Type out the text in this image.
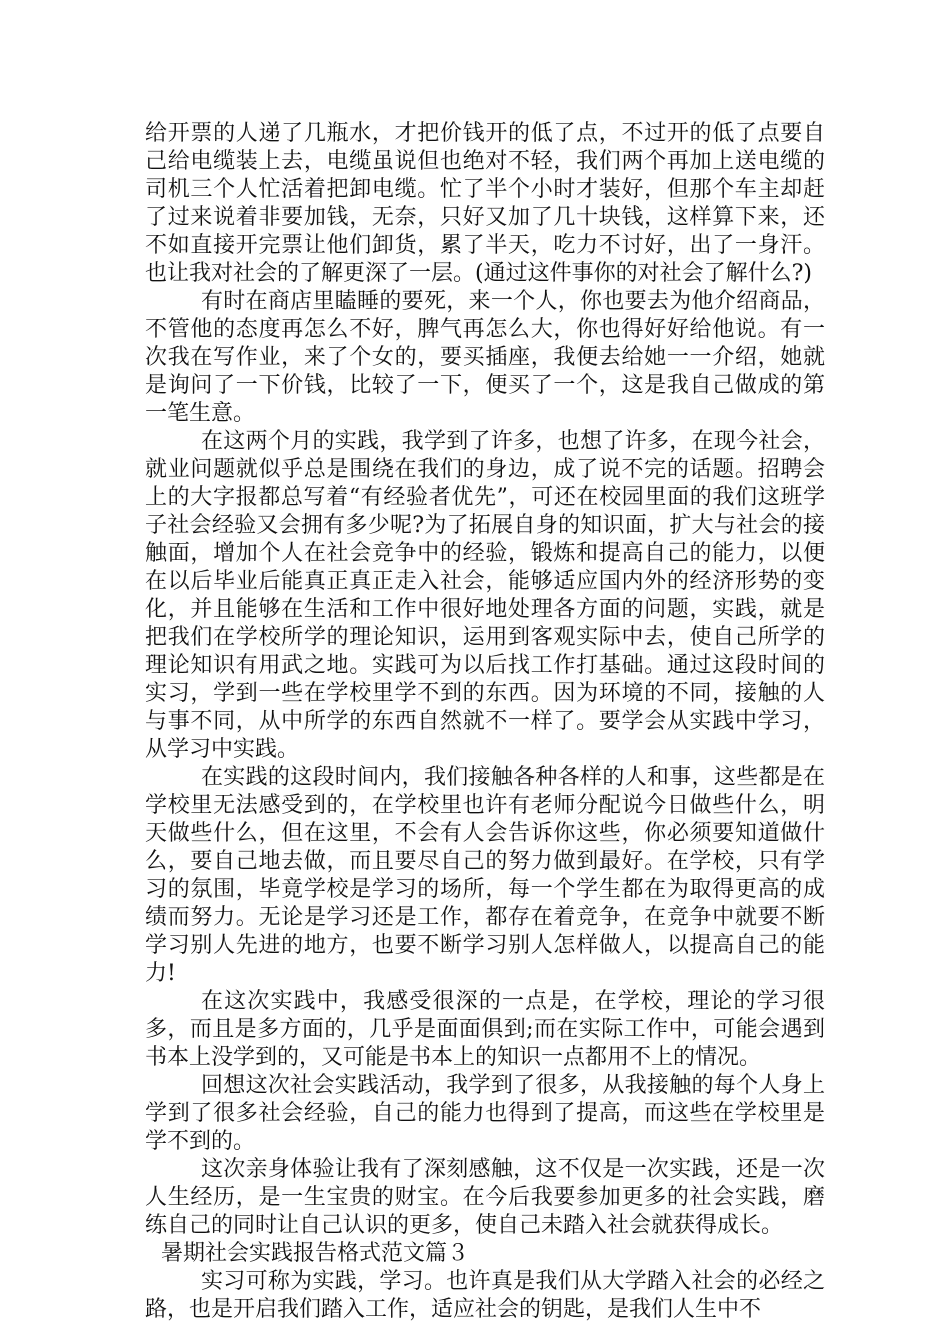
给开票的人递了几瓶水，才把价钱开的低了点，不过开的低了点要自己给电缆装上去，电缆虽说但也绝对不轻，我们两个再加上送电缆的司机三个人忙活着把卸电缆。忙了半个小时才装好，但那个车主却赶了过来说着非要加钱，无奈，只好又加了几十块钱，这样算下来，还不如直接开完票让他们卸货，累了半天，吃力不讨好，出了一身汗。也让我对社会的了解更深了一层。(通过这件事你的对社会了解什么?)

有时在商店里瞌睡的要死，来一个人，你也要去为他介绍商品，不管他的态度再怎么不好，脾气再怎么大，你也得好好给他说。有一次我在写作业，来了个女的，要买插座，我便去给她一一介绍，她就是询问了一下价钱，比较了一下，便买了一个，这是我自己做成的第一笔生意。

在这两个月的实践，我学到了许多，也想了许多，在现今社会，就业问题就似乎总是围绕在我们的身边，成了说不完的话题。招聘会上的大字报都总写着“有经验者优先”，可还在校园里面的我们这班学子社会经验又会拥有多少呢?为了拓展自身的知识面，扩大与社会的接触面，增加个人在社会竞争中的经验，锻炼和提高自己的能力，以便在以后毕业后能真正真正走入社会，能够适应国内外的经济形势的变化，并且能够在生活和工作中很好地处理各方面的问题，实践，就是把我们在学校所学的理论知识，运用到客观实际中去，使自己所学的理论知识有用武之地。实践可为以后找工作打基础。通过这段时间的实习，学到一些在学校里学不到的东西。因为环境的不同，接触的人与事不同，从中所学的东西自然就不一样了。要学会从实践中学习，从学习中实践。

在实践的这段时间内，我们接触各种各样的人和事，这些都是在学校里无法感受到的，在学校里也许有老师分配说今日做些什么，明天做些什么，但在这里，不会有人会告诉你这些，你必须要知道做什么，要自己地去做，而且要尽自己的努力做到最好。在学校，只有学习的氛围，毕竟学校是学习的场所，每一个学生都在为取得更高的成绩而努力。无论是学习还是工作，都存在着竞争，在竞争中就要不断学习别人先进的地方，也要不断学习别人怎样做人，以提高自己的能力!

在这次实践中，我感受很深的一点是，在学校，理论的学习很多，而且是多方面的，几乎是面面俱到;而在实际工作中，可能会遇到书本上没学到的，又可能是书本上的知识一点都用不上的情况。

回想这次社会实践活动，我学到了很多，从我接触的每个人身上学到了很多社会经验，自己的能力也得到了提高，而这些在学校里是学不到的。

这次亲身体验让我有了深刻感触，这不仅是一次实践，还是一次人生经历，是一生宝贵的财宝。在今后我要参加更多的社会实践，磨练自己的同时让自己认识的更多，使自己未踏入社会就获得成长。

暑期社会实践报告格式范文篇３

实习可称为实践，学习。也许真是我们从大学踏入社会的必经之路，也是开启我们踏入工作，适应社会的钥匙，是我们人生中不
